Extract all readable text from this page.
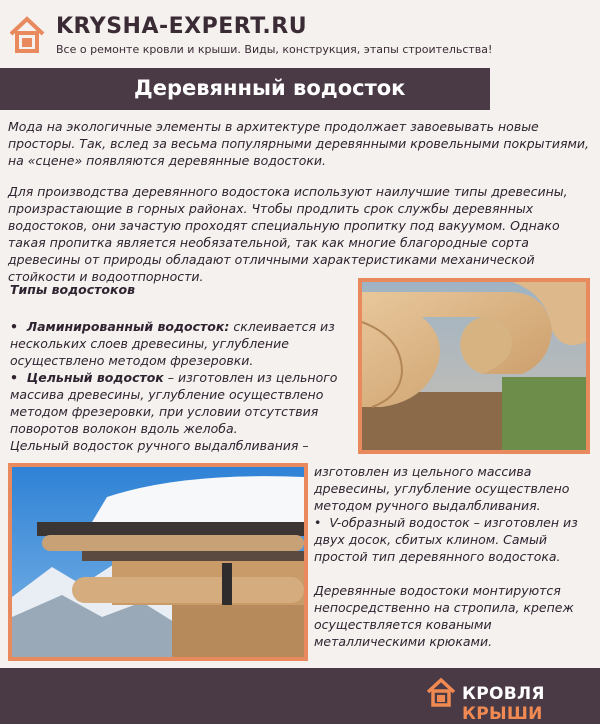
KRYSHA-EXPERT.RU
Все о ремонте кровли и крыши. Виды, конструкция, этапы строительства!
Деревянный водосток
Мода на экологичные элементы в архитектуре продолжает завоевывать новые просторы. Так, вслед за весьма популярными деревянными кровельными покрытиями, на «сцене» появляются деревянные водостоки.
Для производства деревянного водостока используют наилучшие типы древесины, произрастающие в горных районах. Чтобы продлить срок службы деревянных водостоков, они зачастую проходят специальную пропитку под вакуумом. Однако такая пропитка является необязательной, так как многие благородные сорта древесины от природы обладают отличными характеристиками механической стойкости и водоотпорности.
Типы водостоков
•  Ламинированный водосток: склеивается из нескольких слоев древесины, углубление осуществлено методом фрезеровки.
•  Цельный водосток – изготовлен из цельного массива древесины, углубление осуществлено методом фрезеровки, при условии отсутствия поворотов волокон вдоль желоба.
Цельный водосток ручного выдалбливания –
изготовлен из цельного массива древесины, углубление осуществлено методом ручного выдалбливания.
•  V-образный водосток – изготовлен из двух досок, сбитых клином. Самый простой тип деревянного водостока.
Деревянные водостоки монтируются непосредственно на стропила, крепеж осуществляется коваными металлическими крюками.
КРОВЛЯ КРЫШИ
